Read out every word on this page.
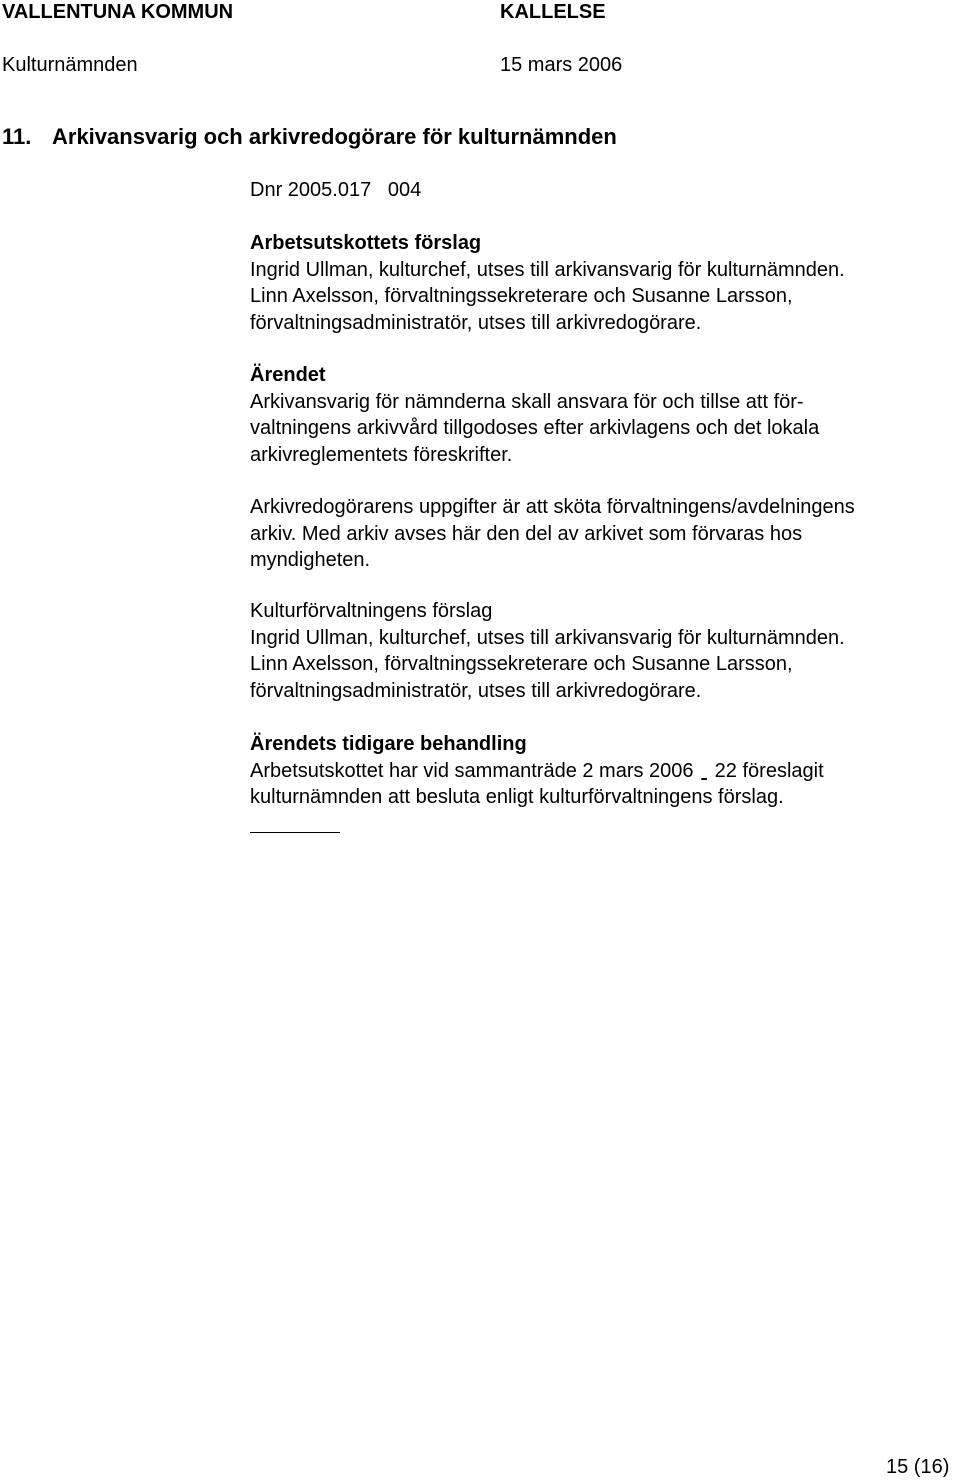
VALLENTUNA KOMMUN	KALLELSE
Kulturnämnden	15 mars 2006
11. Arkivansvarig och arkivredogörare för kulturnämnden
Dnr 2005.017   004
Arbetsutskottets förslag
Ingrid Ullman, kulturchef, utses till arkivansvarig för kulturnämnden.
Linn Axelsson, förvaltningssekreterare och Susanne Larsson,
förvaltningsadministratör, utses till arkivredogörare.
Ärendet
Arkivansvarig för nämnderna skall ansvara för och tillse att för-
valtningens arkivvård tillgodoses efter arkivlagens och det lokala
arkivreglementets föreskrifter.
Arkivredogörarens uppgifter är att sköta förvaltningens/avdelningens
arkiv. Med arkiv avses här den del av arkivet som förvaras hos
myndigheten.
Kulturförvaltningens förslag
Ingrid Ullman, kulturchef, utses till arkivansvarig för kulturnämnden.
Linn Axelsson, förvaltningssekreterare och Susanne Larsson,
förvaltningsadministratör, utses till arkivredogörare.
Ärendets tidigare behandling
Arbetsutskottet har vid sammanträde 2 mars 2006 22 föreslagit
kulturnämnden att besluta enligt kulturförvaltningens förslag.
15 (16)
